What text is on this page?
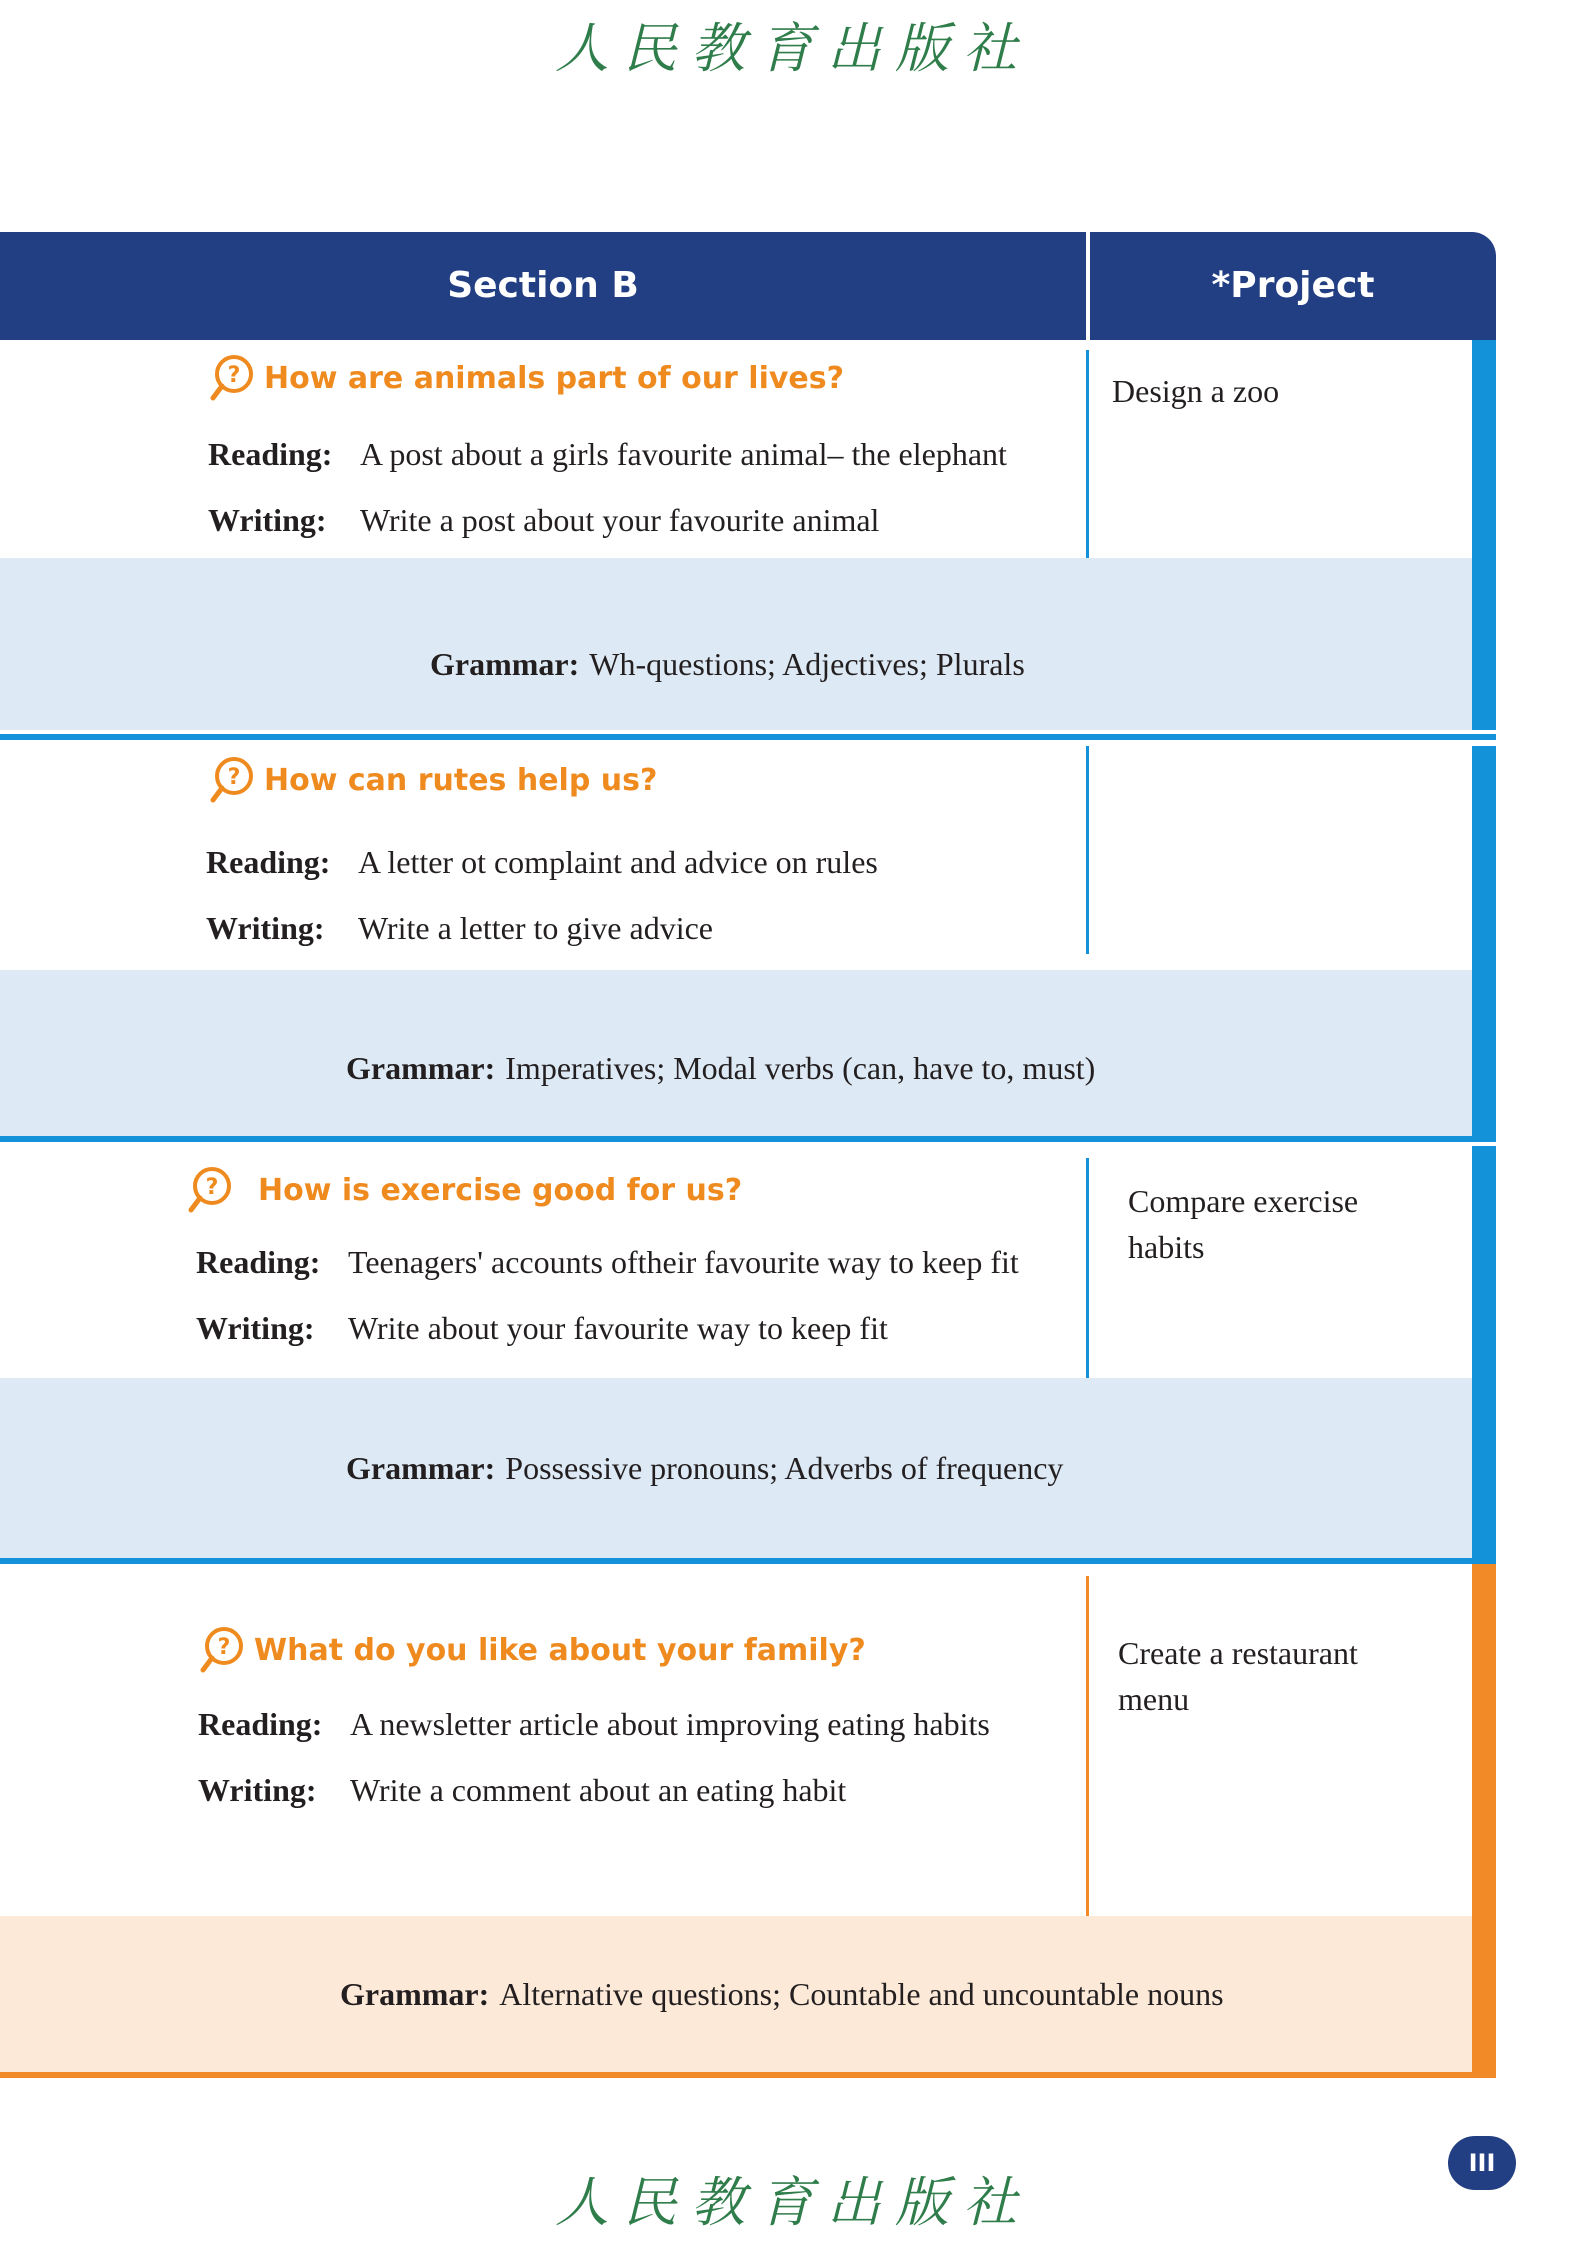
人民教育出版社
Section B	*Project
? How are animals part of our lives?
Reading: A post about a girls favourite animal– the elephant
Writing: Write a post about your favourite animal
Design a zoo
Grammar: Wh-questions; Adjectives; Plurals
? How can rutes help us?
Reading: A letter ot complaint and advice on rules
Writing: Write a letter to give advice
Grammar: Imperatives; Modal verbs (can, have to, must)
? How is exercise good for us?
Reading: Teenagers' accounts oftheir favourite way to keep fit
Writing: Write about your favourite way to keep fit
Compare exercise habits
Grammar: Possessive pronouns; Adverbs of frequency
? What do you like about your family?
Reading: A newsletter article about improving eating habits
Writing: Write a comment about an eating habit
Create a restaurant menu
Grammar: Alternative questions; Countable and uncountable nouns
人民教育出版社
III
